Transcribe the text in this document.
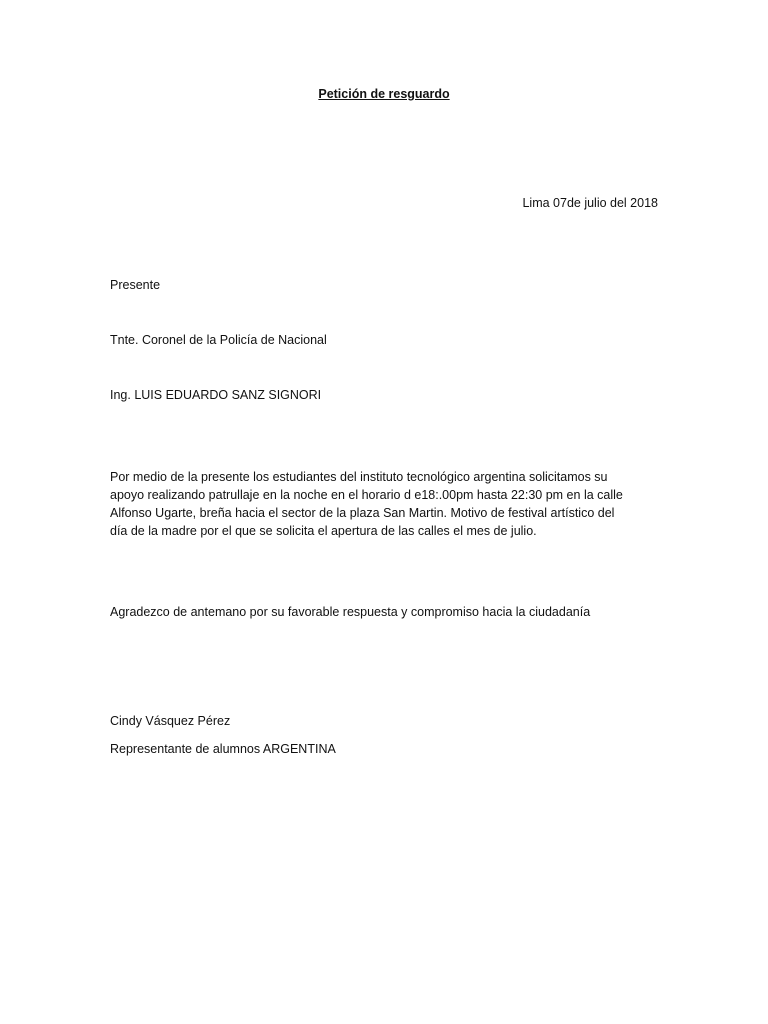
Petición de resguardo
Lima 07de julio del 2018
Presente
Tnte. Coronel de la Policía de Nacional
Ing. LUIS EDUARDO SANZ SIGNORI
Por medio de la presente los estudiantes del instituto tecnológico argentina solicitamos su
apoyo realizando patrullaje en la noche en el horario d e18:.00pm hasta 22:30 pm en la calle
Alfonso Ugarte, breña hacia el sector de la plaza San Martin. Motivo de festival artístico del
día de la madre por el que se solicita el apertura de las calles el mes de julio.
Agradezco de antemano por su favorable respuesta y compromiso hacia la ciudadanía
Cindy Vásquez Pérez
Representante de alumnos ARGENTINA
